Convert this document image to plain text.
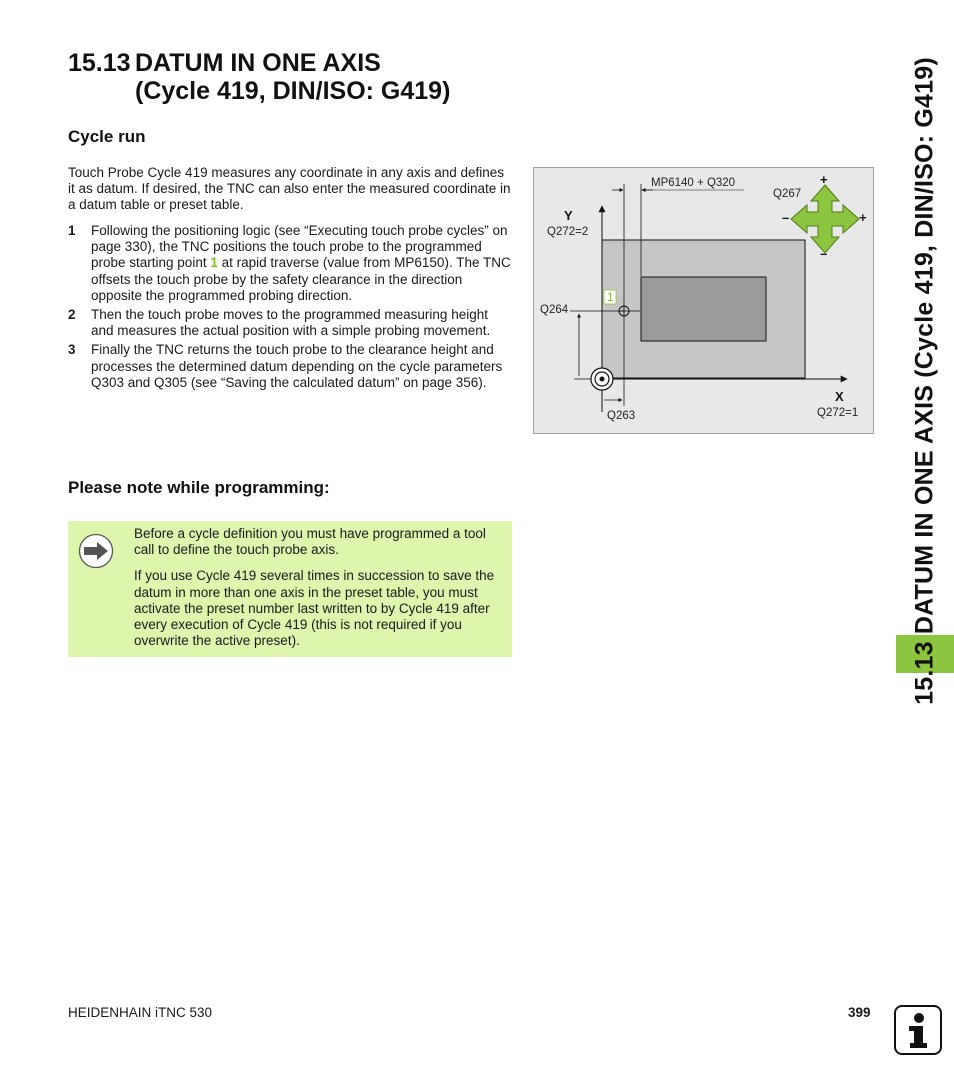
15.13 DATUM IN ONE AXIS
(Cycle 419, DIN/ISO: G419)
Cycle run

Touch Probe Cycle 419 measures any coordinate in any axis and defines it as datum. If desired, the TNC can also enter the measured coordinate in a datum table or preset table.

1 Following the positioning logic (see “Executing touch probe cycles” on page 330), the TNC positions the touch probe to the programmed probe starting point 1 at rapid traverse (value from MP6150). The TNC offsets the touch probe by the safety clearance in the direction opposite the programmed probing direction.
2 Then the touch probe moves to the programmed measuring height and measures the actual position with a simple probing movement.
3 Finally the TNC returns the touch probe to the clearance height and processes the determined datum depending on the cycle parameters Q303 and Q305 (see “Saving the calculated datum” on page 356).
MP6140 + Q320
Q267
+
–	+
–
Y
Q272=2
Q264
1
Q263
X
Q272=1
Please note while programming:

Before a cycle definition you must have programmed a tool call to define the touch probe axis.

If you use Cycle 419 several times in succession to save the datum in more than one axis in the preset table, you must activate the preset number last written to by Cycle 419 after every execution of Cycle 419 (this is not required if you overwrite the active preset).	15.13 DATUM IN ONE AXIS (Cycle 419, DIN/ISO: G419)
HEIDENHAIN iTNC 530	399
